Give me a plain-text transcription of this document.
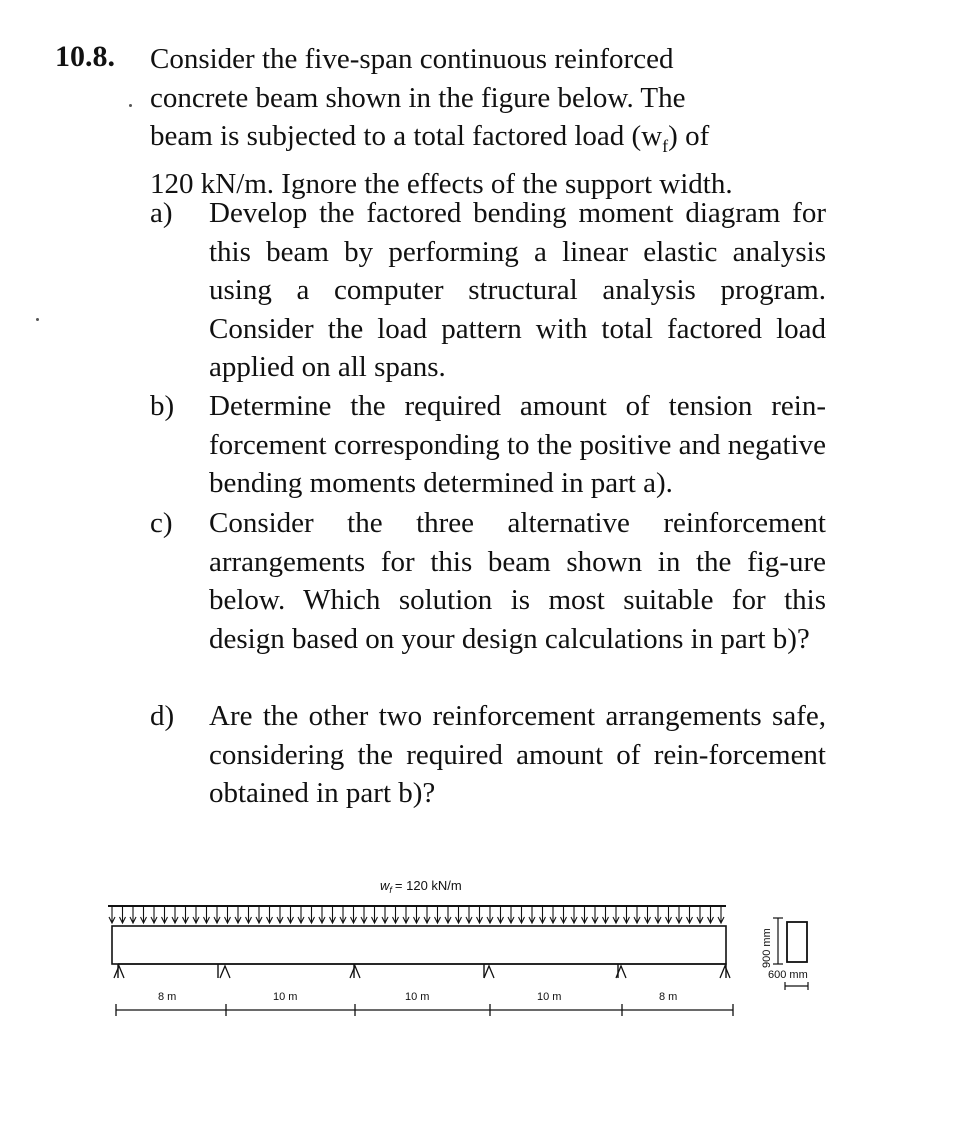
10.8. Consider the five-span continuous reinforced
concrete beam shown in the figure below. The
beam is subjected to a total factored load $(w_f)$ of
120 kN/m. Ignore the effects of the support width.
a) Develop the factored bending moment diagram for this beam by performing a linear elastic analysis using a computer structural analysis program. Consider the load pattern with total factored load applied on all spans.
b) Determine the required amount of tension rein-forcement corresponding to the positive and negative bending moments determined in part a).
c) Consider the three alternative reinforcement arrangements for this beam shown in the fig-ure below. Which solution is most suitable for this design based on your design calculations in part b)?
d) Are the other two reinforcement arrangements safe, considering the required amount of rein-forcement obtained in part b)?
$w_f = 120$ kN/m
8 m	10 m	10 m	10 m	8 m
900 mm
600 mm
